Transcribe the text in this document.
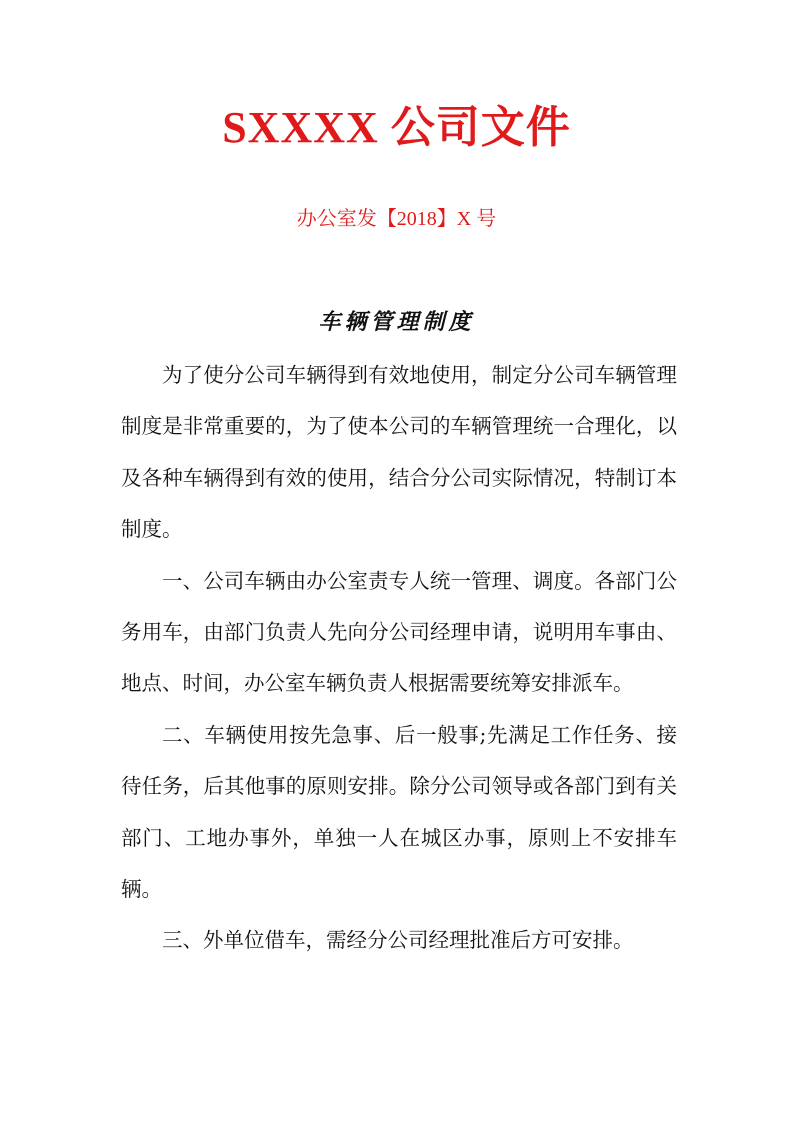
SXXXX 公司文件
办公室发【2018】X 号
车辆管理制度

为了使分公司车辆得到有效地使用，制定分公司车辆管理制度是非常重要的，为了使本公司的车辆管理统一合理化，以及各种车辆得到有效的使用，结合分公司实际情况，特制订本制度。

一、公司车辆由办公室责专人统一管理、调度。各部门公务用车，由部门负责人先向分公司经理申请，说明用车事由、地点、时间，办公室车辆负责人根据需要统筹安排派车。

二、车辆使用按先急事、后一般事;先满足工作任务、接待任务，后其他事的原则安排。除分公司领导或各部门到有关部门、工地办事外，单独一人在城区办事，原则上不安排车辆。

三、外单位借车，需经分公司经理批准后方可安排。
